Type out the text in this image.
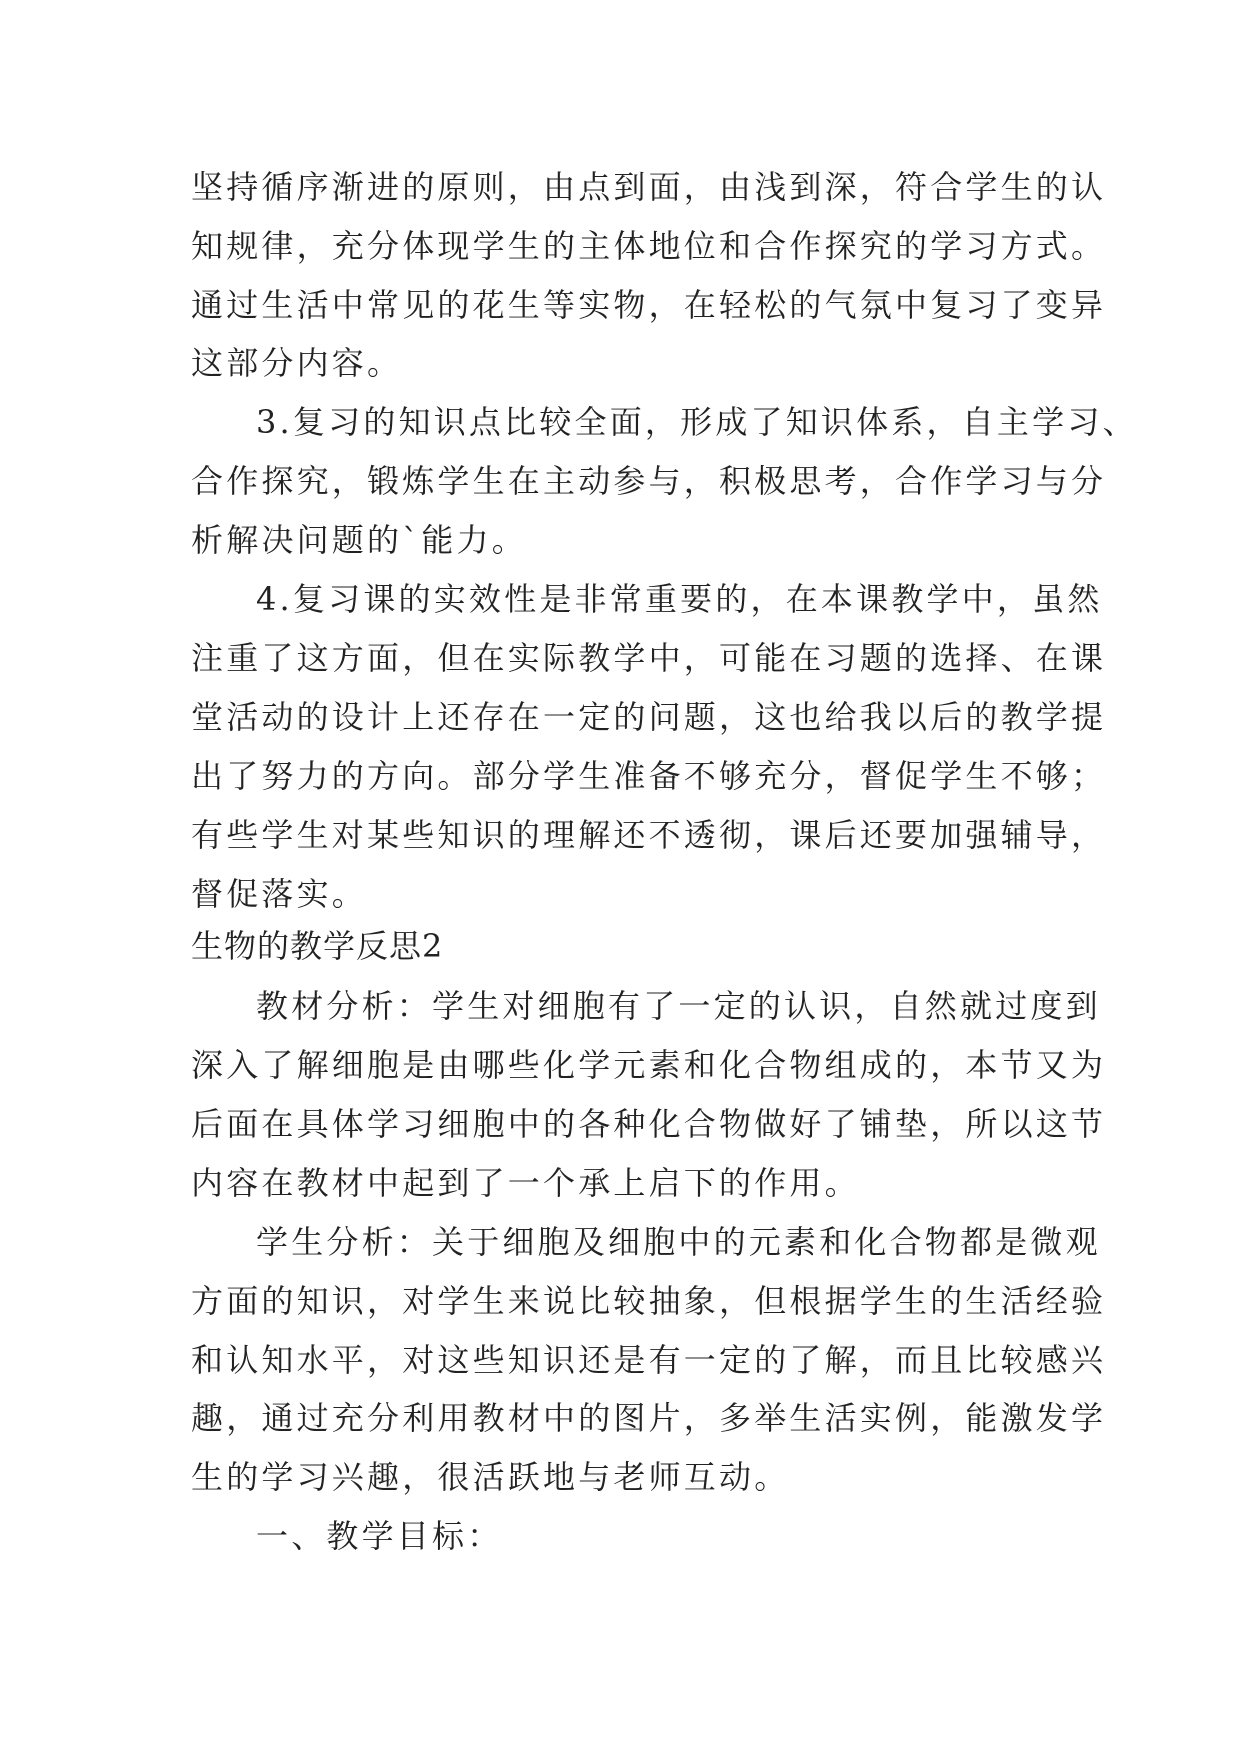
坚持循序渐进的原则，由点到面，由浅到深，符合学生的认
知规律，充分体现学生的主体地位和合作探究的学习方式。
通过生活中常见的花生等实物，在轻松的气氛中复习了变异
这部分内容。
3.复习的知识点比较全面，形成了知识体系，自主学习、
合作探究，锻炼学生在主动参与，积极思考，合作学习与分
析解决问题的`能力。
4.复习课的实效性是非常重要的，在本课教学中，虽然
注重了这方面，但在实际教学中，可能在习题的选择、在课
堂活动的设计上还存在一定的问题，这也给我以后的教学提
出了努力的方向。部分学生准备不够充分，督促学生不够；
有些学生对某些知识的理解还不透彻，课后还要加强辅导，
督促落实。
生物的教学反思2
教材分析：学生对细胞有了一定的认识，自然就过度到
深入了解细胞是由哪些化学元素和化合物组成的，本节又为
后面在具体学习细胞中的各种化合物做好了铺垫，所以这节
内容在教材中起到了一个承上启下的作用。
学生分析：关于细胞及细胞中的元素和化合物都是微观
方面的知识，对学生来说比较抽象，但根据学生的生活经验
和认知水平，对这些知识还是有一定的了解，而且比较感兴
趣，通过充分利用教材中的图片，多举生活实例，能激发学
生的学习兴趣，很活跃地与老师互动。
一、教学目标：
